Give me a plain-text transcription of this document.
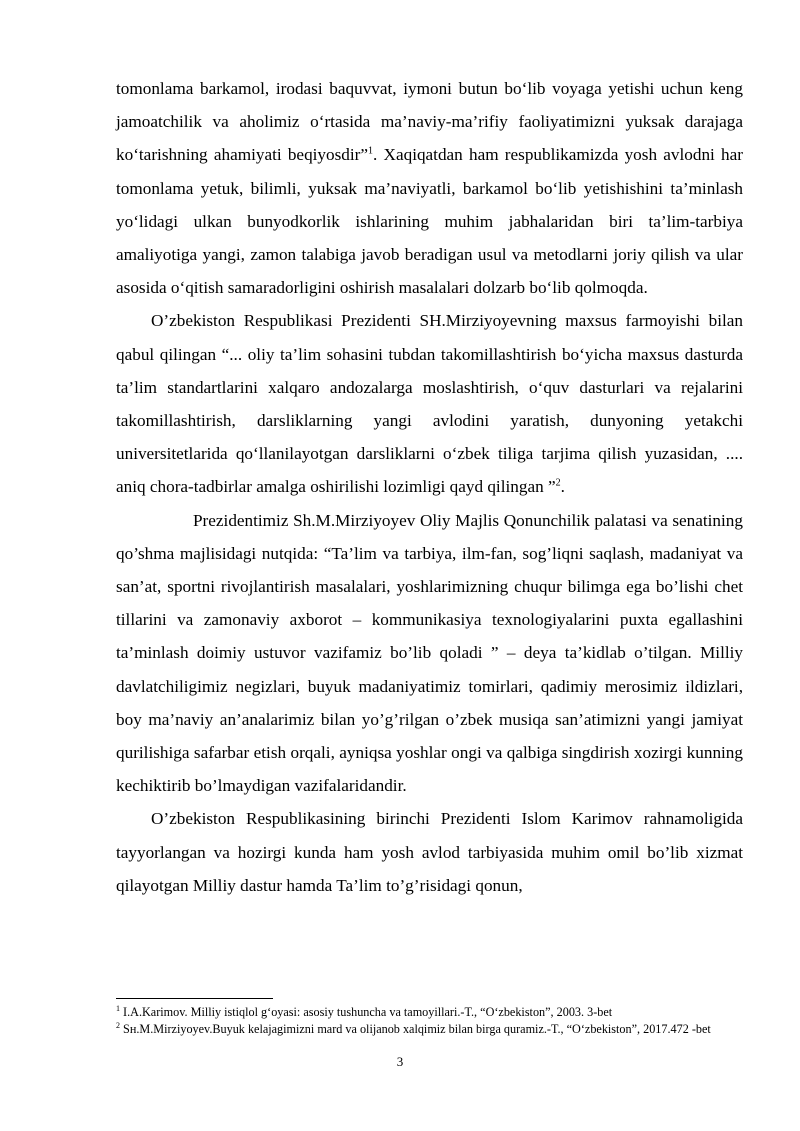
tomonlama barkamol, irodasi baquvvat, iymoni butun bo‘lib voyaga yetishi uchun keng jamoatchilik va aholimiz o‘rtasida ma’naviy-ma’rifiy faoliyatimizni yuksak darajaga ko‘tarishning ahamiyati beqiyosdir”$^1$. Xaqiqatdan ham respublikamizda yosh avlodni har tomonlama yetuk, bilimli, yuksak ma’naviyatli, barkamol bo‘lib yetishishini ta’minlash yo‘lidagi ulkan bunyodkorlik ishlarining muhim jabhalaridan biri ta’lim-tarbiya amaliyotiga yangi, zamon talabiga javob beradigan usul va metodlarni joriy qilish va ular asosida o‘qitish samaradorligini oshirish masalalari dolzarb bo‘lib qolmoqda.

O’zbekiston Respublikasi Prezidenti SH.Mirziyoyevning maxsus farmoyishi bilan qabul qilingan “... oliy ta’lim sohasini tubdan takomillashtirish bo‘yicha maxsus dasturda ta’lim standartlarini xalqaro andozalarga moslashtirish, o‘quv dasturlari va rejalarini takomillashtirish, darsliklarning yangi avlodini yaratish, dunyoning yetakchi universitetlarida qo‘llanilayotgan darsliklarni o‘zbek tiliga tarjima qilish yuzasidan, .... aniq chora-tadbirlar amalga oshirilishi lozimligi qayd qilingan ”$^2$.

Prezidentimiz Sh.M.Mirziyoyev Oliy Majlis Qonunchilik palatasi va senatining qo’shma majlisidagi nutqida: “Ta’lim va tarbiya, ilm-fan, sog’liqni saqlash, madaniyat va san’at, sportni rivojlantirish masalalari, yoshlarimizning chuqur bilimga ega bo’lishi chet tillarini va zamonaviy axborot – kommunikasiya texnologiyalarini puxta egallashini ta’minlash doimiy ustuvor vazifamiz bo’lib qoladi ” – deya ta’kidlab o’tilgan. Milliy davlatchiligimiz negizlari, buyuk madaniyatimiz tomirlari, qadimiy merosimiz ildizlari, boy ma’naviy an’analarimiz bilan yo’g’rilgan o’zbek musiqa san’atimizni yangi jamiyat qurilishiga safarbar etish orqali, ayniqsa yoshlar ongi va qalbiga singdirish xozirgi kunning kechiktirib bo’lmaydigan vazifalaridandir.

O’zbekiston Respublikasining birinchi Prezidenti Islom Karimov rahnamoligida tayyorlangan va hozirgi kunda ham yosh avlod tarbiyasida muhim omil bo’lib xizmat qilayotgan Milliy dastur hamda Ta’lim to’g’risidagi qonun,

$^1$ I.A.Karimov. Milliy istiqlol g‘oyasi: asosiy tushuncha va tamoyillari.-T., “O‘zbekiston”, 2003. 3-bet

$^2$ Sн.M.Mirziyoyev.Buyuk kelajagimizni mard va olijanob xalqimiz bilan birga quramiz.-T., “O‘zbekiston”, 2017.472 -bet

3
